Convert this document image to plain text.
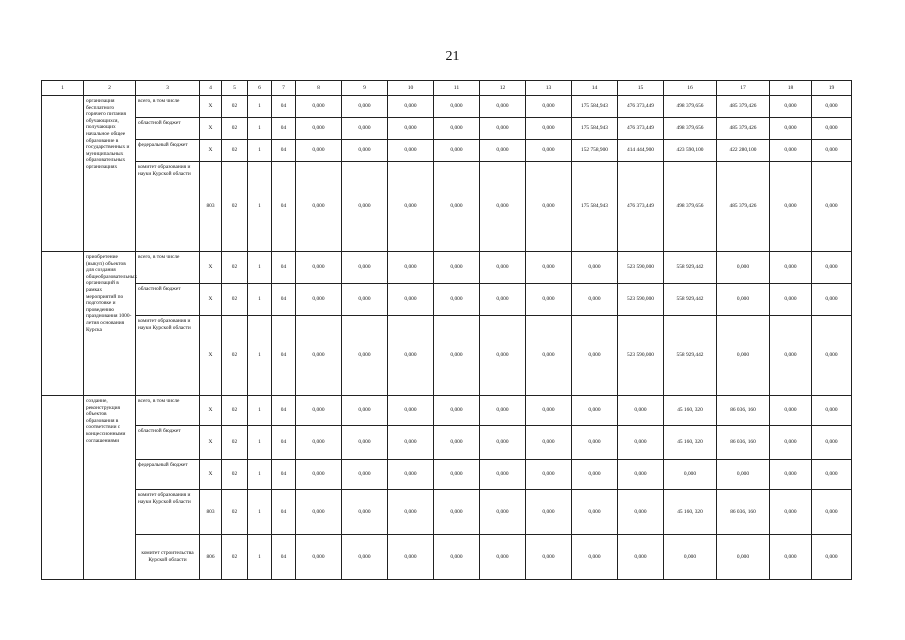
21
1	2	3	4	5	6	7	8	9	10	11	12	13	14	15	16	17	18	19
	организация бесплатного горячего питания обучающихся, получающих начальное общее образование в государственных и муниципальных образовательных организациях	всего, в том числе	X	02	1	04	0,000	0,000	0,000	0,000	0,000	0,000	175 584,943	476 373,449	498 379,656	485 379,426	0,000	0,000
		областной бюджет	X	02	1	04	0,000	0,000	0,000	0,000	0,000	0,000	175 584,943	476 373,449	498 379,656	485 379,426	0,000	0,000
		федеральный бюджет	X	02	1	04	0,000	0,000	0,000	0,000	0,000	0,000	152 758,900	414 444,900	423 590,100	422 280,100	0,000	0,000
		комитет образования и науки Курской области	803	02	1	04	0,000	0,000	0,000	0,000	0,000	0,000	175 584,943	476 373,449	498 379,656	485 379,426	0,000	0,000
	приобретение (выкуп) объектов для создания общеобразовательных организаций в рамках мероприятий по подготовке и проведению празднования 1000-летия основания Курска	всего, в том числе	X	02	1	04	0,000	0,000	0,000	0,000	0,000	0,000	0,000	523 590,000	558 929,442	0,000	0,000	0,000
		областной бюджет	X	02	1	04	0,000	0,000	0,000	0,000	0,000	0,000	0,000	523 590,000	558 929,442	0,000	0,000	0,000
		комитет образования и науки Курской области	X	02	1	04	0,000	0,000	0,000	0,000	0,000	0,000	0,000	523 590,000	558 929,442	0,000	0,000	0,000
	создание, реконструкция объектов образования в соответствии с концессионными соглашениями	всего, в том числе	X	02	1	04	0,000	0,000	0,000	0,000	0,000	0,000	0,000	0,000	45 160, 320	86 036, 160	0,000	0,000
		областной бюджет	X	02	1	04	0,000	0,000	0,000	0,000	0,000	0,000	0,000	0,000	45 160, 320	86 036, 160	0,000	0,000
		федеральный бюджет	X	02	1	04	0,000	0,000	0,000	0,000	0,000	0,000	0,000	0,000	0,000	0,000	0,000	0,000
		комитет образования и науки Курской области	803	02	1	04	0,000	0,000	0,000	0,000	0,000	0,000	0,000	0,000	45 160, 320	86 036, 160	0,000	0,000
		комитет строительства Курской области	806	02	1	04	0,000	0,000	0,000	0,000	0,000	0,000	0,000	0,000	0,000	0,000	0,000	0,000
